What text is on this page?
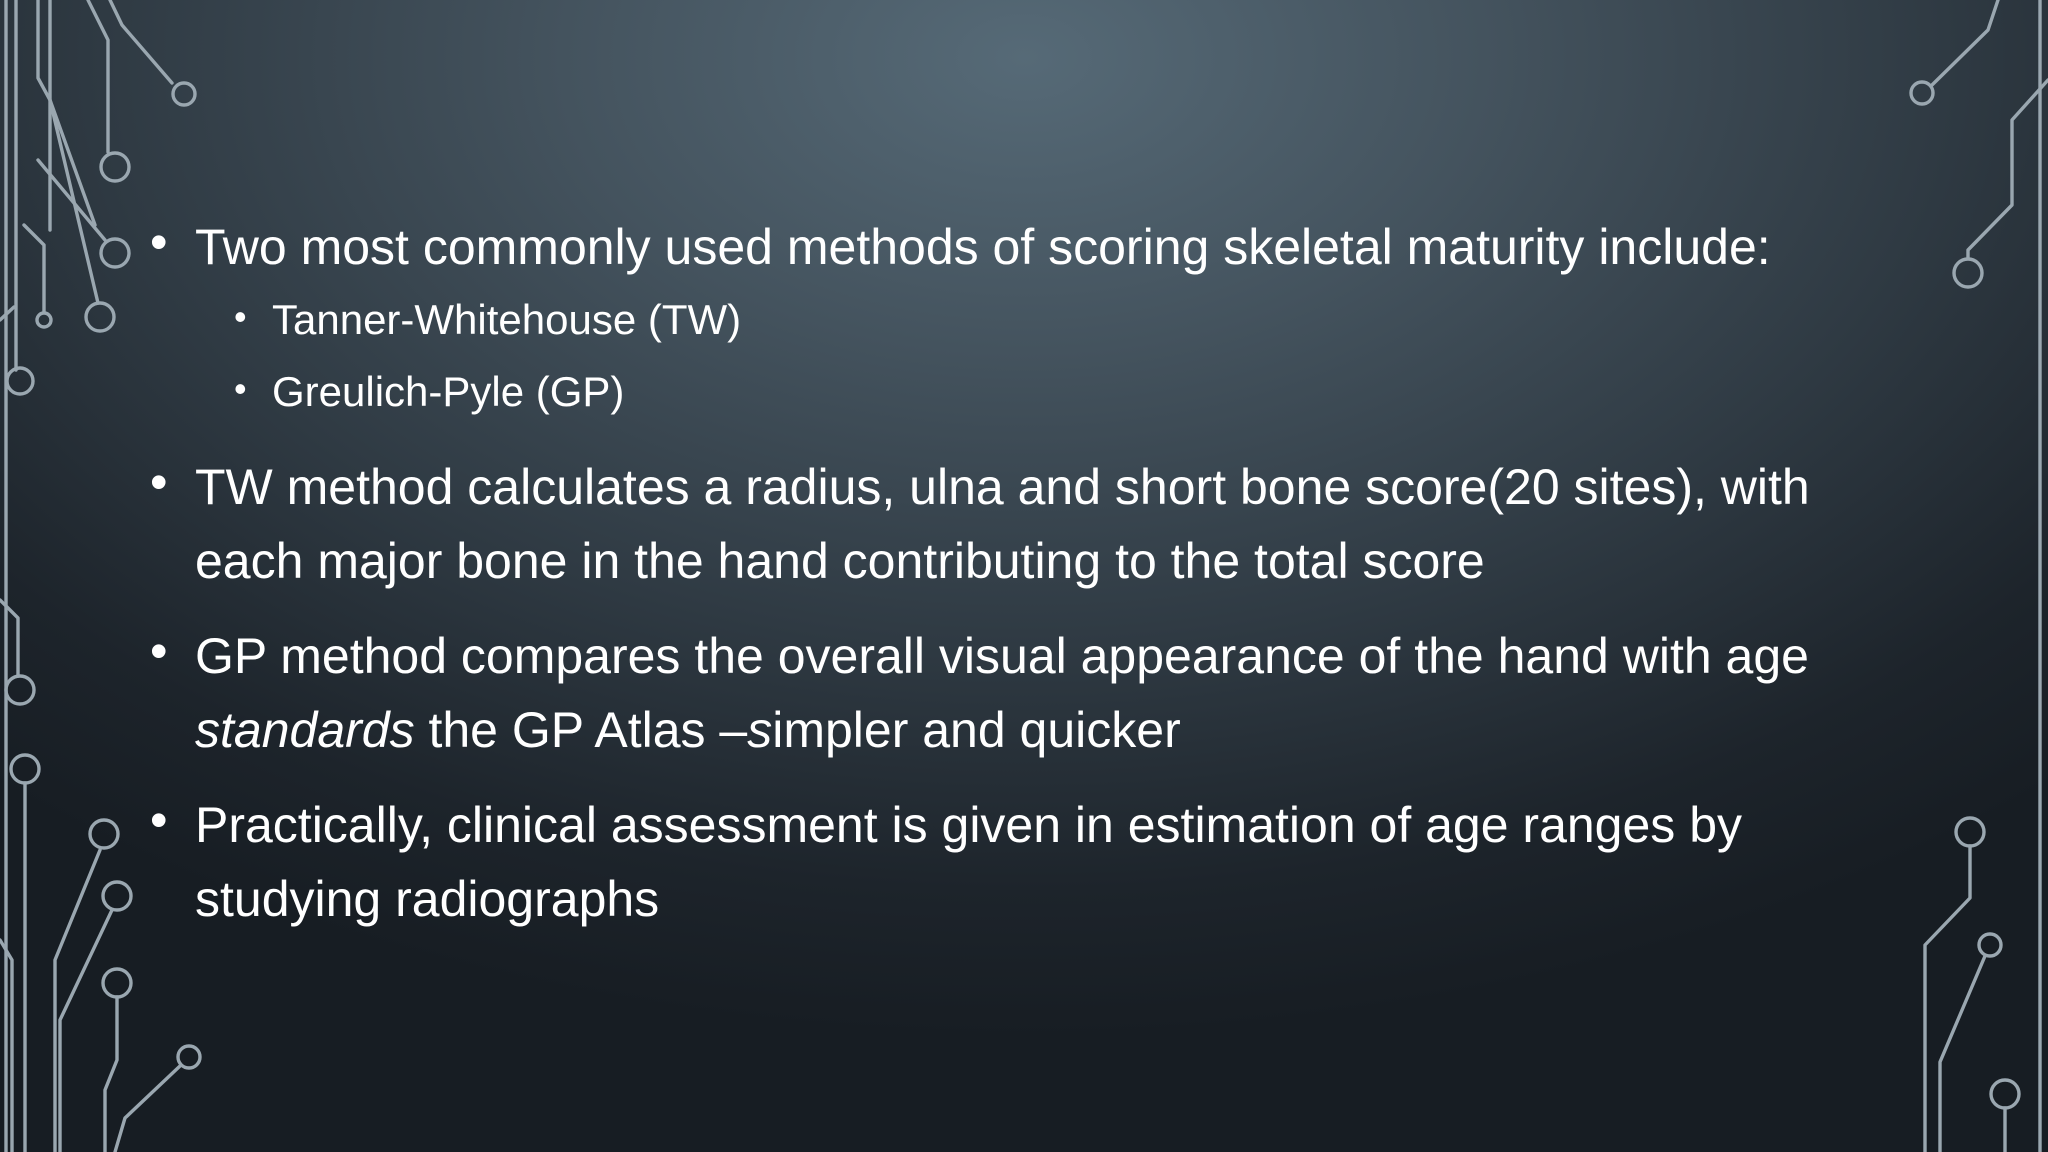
• Two most commonly used methods of scoring skeletal maturity include:
• Tanner-Whitehouse (TW)
• Greulich-Pyle (GP)
• TW method calculates a radius, ulna and short bone score(20 sites), with
each major bone in the hand contributing to the total score
• GP method compares the overall visual appearance of the hand with age
standards the GP Atlas –simpler and quicker
• Practically, clinical assessment is given in estimation of age ranges by
studying radiographs
